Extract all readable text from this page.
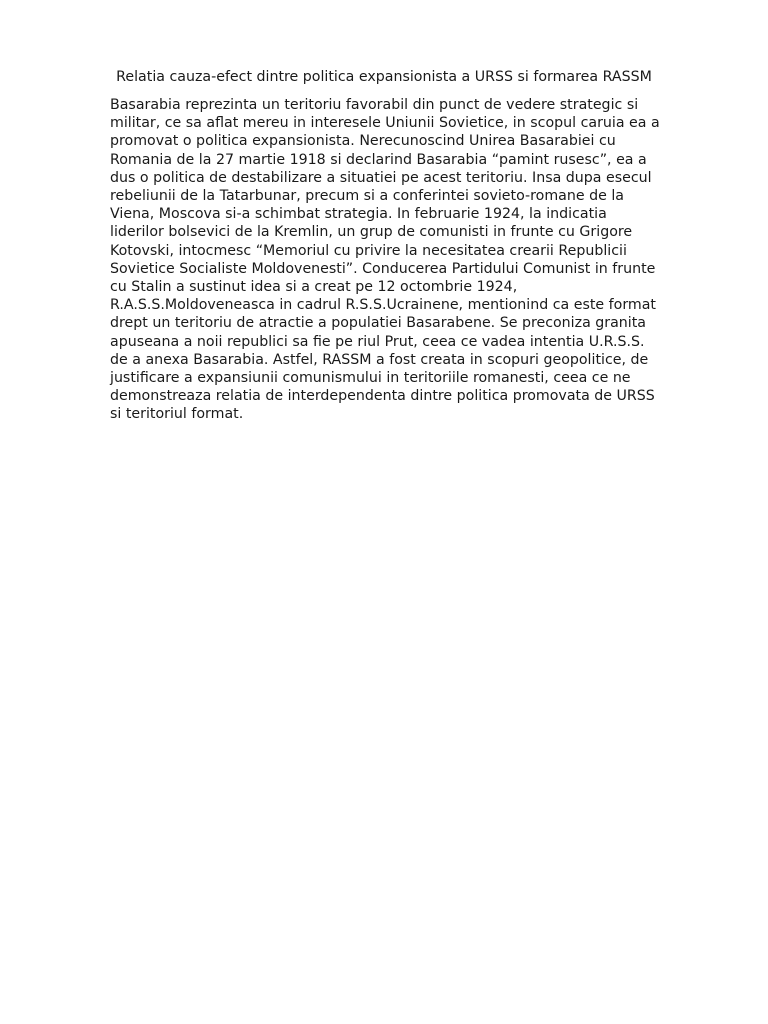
Relatia cauza-efect dintre politica expansionista a URSS si formarea RASSM
Basarabia reprezinta un teritoriu favorabil din punct de vedere strategic si
militar, ce sa aflat mereu in interesele Uniunii Sovietice, in scopul caruia ea a
promovat o politica expansionista. Nerecunoscind Unirea Basarabiei cu
Romania de la 27 martie 1918 si declarind Basarabia “pamint rusesc”, ea a
dus o politica de destabilizare a situatiei pe acest teritoriu. Insa dupa esecul
rebeliunii de la Tatarbunar, precum si a conferintei sovieto-romane de la
Viena, Moscova si-a schimbat strategia. In februarie 1924, la indicatia
liderilor bolsevici de la Kremlin, un grup de comunisti in frunte cu Grigore
Kotovski, intocmesc “Memoriul cu privire la necesitatea crearii Republicii
Sovietice Socialiste Moldovenesti”. Conducerea Partidului Comunist in frunte
cu Stalin a sustinut idea si a creat pe 12 octombrie 1924,
R.A.S.S.Moldoveneasca in cadrul R.S.S.Ucrainene, mentionind ca este format
drept un teritoriu de atractie a populatiei Basarabene. Se preconiza granita
apuseana a noii republici sa fie pe riul Prut, ceea ce vadea intentia U.R.S.S.
de a anexa Basarabia. Astfel, RASSM a fost creata in scopuri geopolitice, de
justificare a expansiunii comunismului in teritoriile romanesti, ceea ce ne
demonstreaza relatia de interdependenta dintre politica promovata de URSS
si teritoriul format.
